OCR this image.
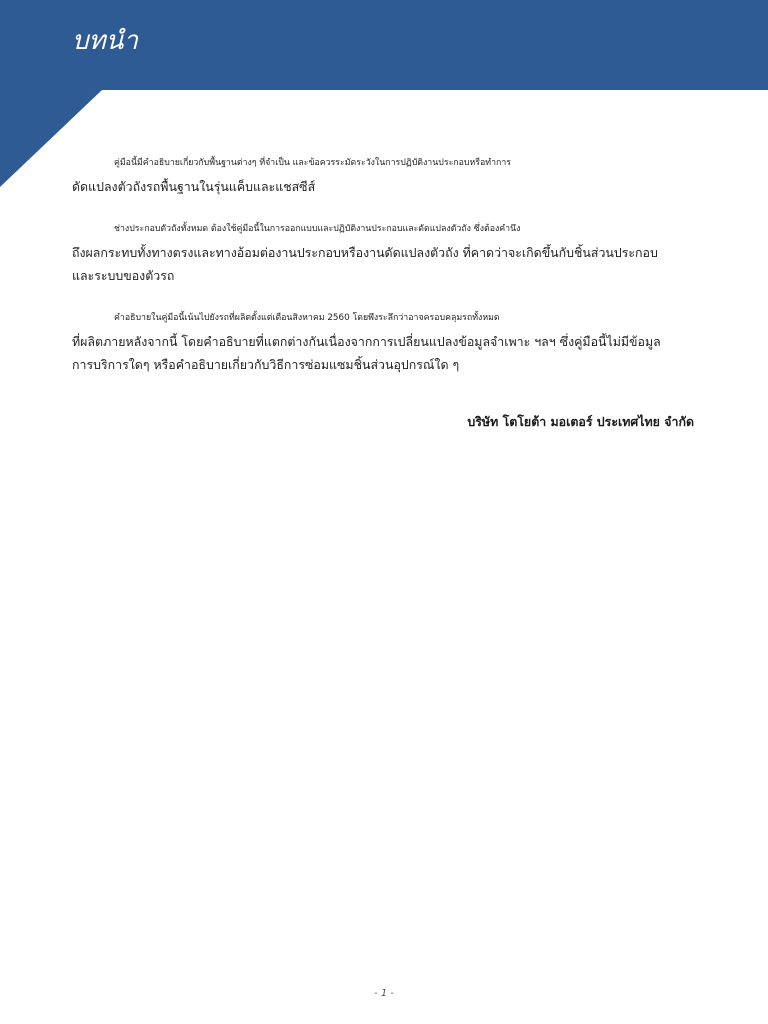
บทนำ

คู่มือนี้มีคำอธิบายเกี่ยวกับพื้นฐานต่างๆ ที่จำเป็น และข้อควรระมัดระวังในการปฏิบัติงานประกอบหรือทำการ
ดัดแปลงตัวถังรถพื้นฐานในรุ่นแค็บและแชสซีส์

ช่างประกอบตัวถังทั้งหมด ต้องใช้คู่มือนี้ในการออกแบบและปฏิบัติงานประกอบและดัดแปลงตัวถัง ซึ่งต้องคำนึง
ถึงผลกระทบทั้งทางตรงและทางอ้อมต่องานประกอบหรืองานดัดแปลงตัวถัง ที่คาดว่าจะเกิดขึ้นกับชิ้นส่วนประกอบ
และระบบของตัวรถ

คำอธิบายในคู่มือนี้เน้นไปยังรถที่ผลิตตั้งแต่เดือนสิงหาคม 2560 โดยพึงระลึกว่าอาจครอบคลุมรถทั้งหมด
ที่ผลิตภายหลังจากนี้ โดยคำอธิบายที่แตกต่างกันเนื่องจากการเปลี่ยนแปลงข้อมูลจำเพาะ ฯลฯ ซึ่งคู่มือนี้ไม่มีข้อมูล
การบริการใดๆ หรือคำอธิบายเกี่ยวกับวิธีการซ่อมแซมชิ้นส่วนอุปกรณ์ใด ๆ

บริษัท โตโยต้า มอเตอร์ ประเทศไทย จำกัด
- 1 -
